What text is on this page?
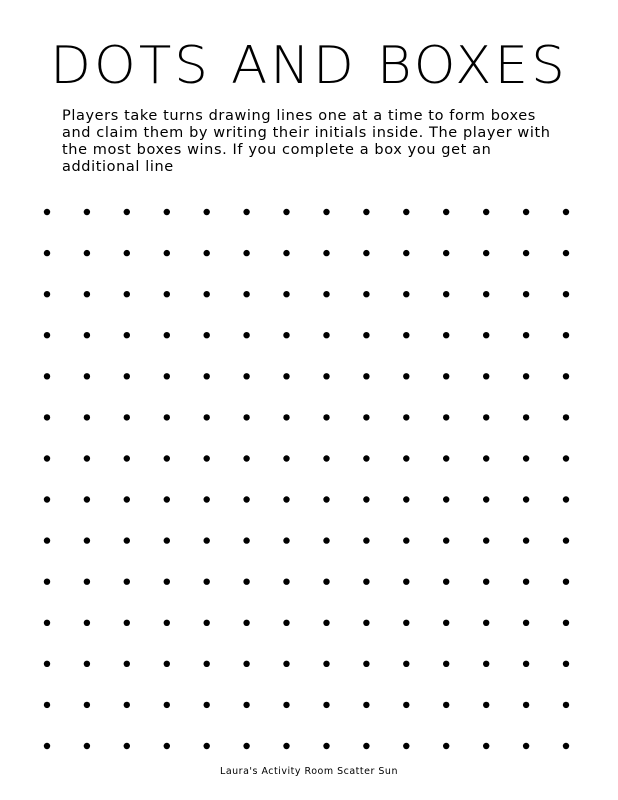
DOTS AND BOXES

Players take turns drawing lines one at a time to form boxes and claim them by writing their initials inside. The player with the most boxes wins. If you complete a box you get an additional line

Laura's Activity Room Scatter Sun
